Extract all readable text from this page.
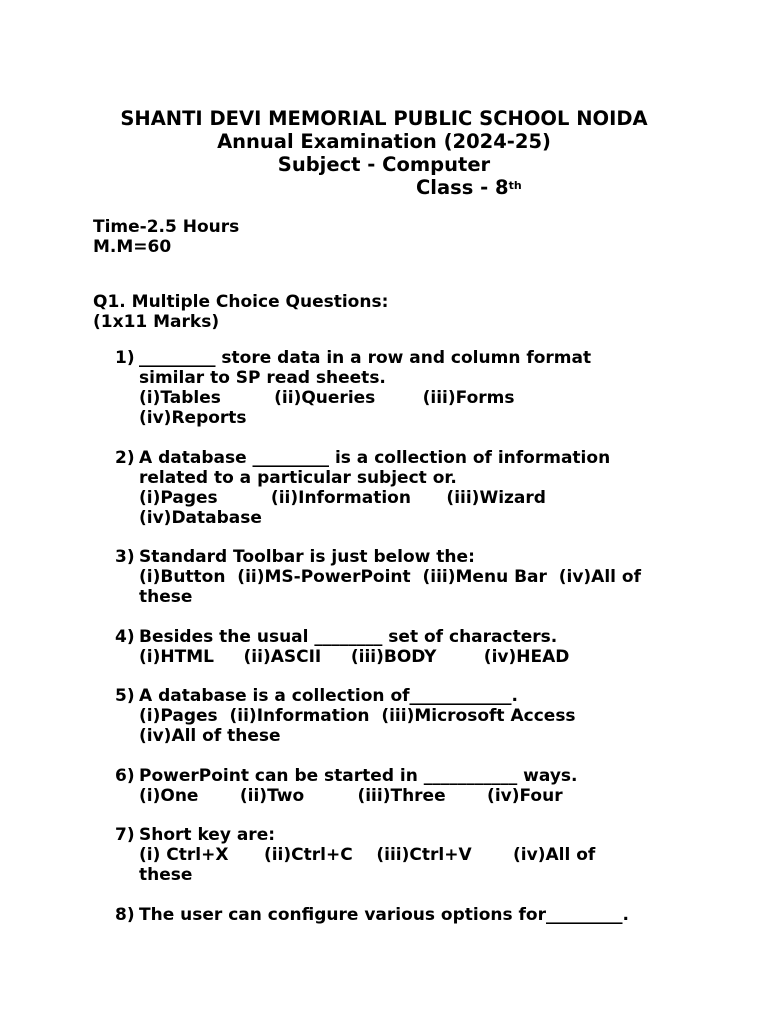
SHANTI DEVI MEMORIAL PUBLIC SCHOOL NOIDA
Annual Examination (2024-25)
Subject - Computer
Class - 8th
Time-2.5 Hours
M.M=60
Q1. Multiple Choice Questions:
(1x11 Marks)
1) _________ store data in a row and column format
similar to SP read sheets.
(i)Tables         (ii)Queries        (iii)Forms
(iv)Reports
2) A database _________ is a collection of information
related to a particular subject or.
(i)Pages         (ii)Information      (iii)Wizard
(iv)Database
3) Standard Toolbar is just below the:
(i)Button  (ii)MS-PowerPoint  (iii)Menu Bar  (iv)All of
these
4) Besides the usual ________ set of characters.
(i)HTML     (ii)ASCII     (iii)BODY        (iv)HEAD
5) A database is a collection of____________.
(i)Pages  (ii)Information  (iii)Microsoft Access
(iv)All of these
6) PowerPoint can be started in ___________ ways.
(i)One       (ii)Two         (iii)Three       (iv)Four
7) Short key are:
(i) Ctrl+X      (ii)Ctrl+C    (iii)Ctrl+V       (iv)All of
these
8) The user can configure various options for_________.
